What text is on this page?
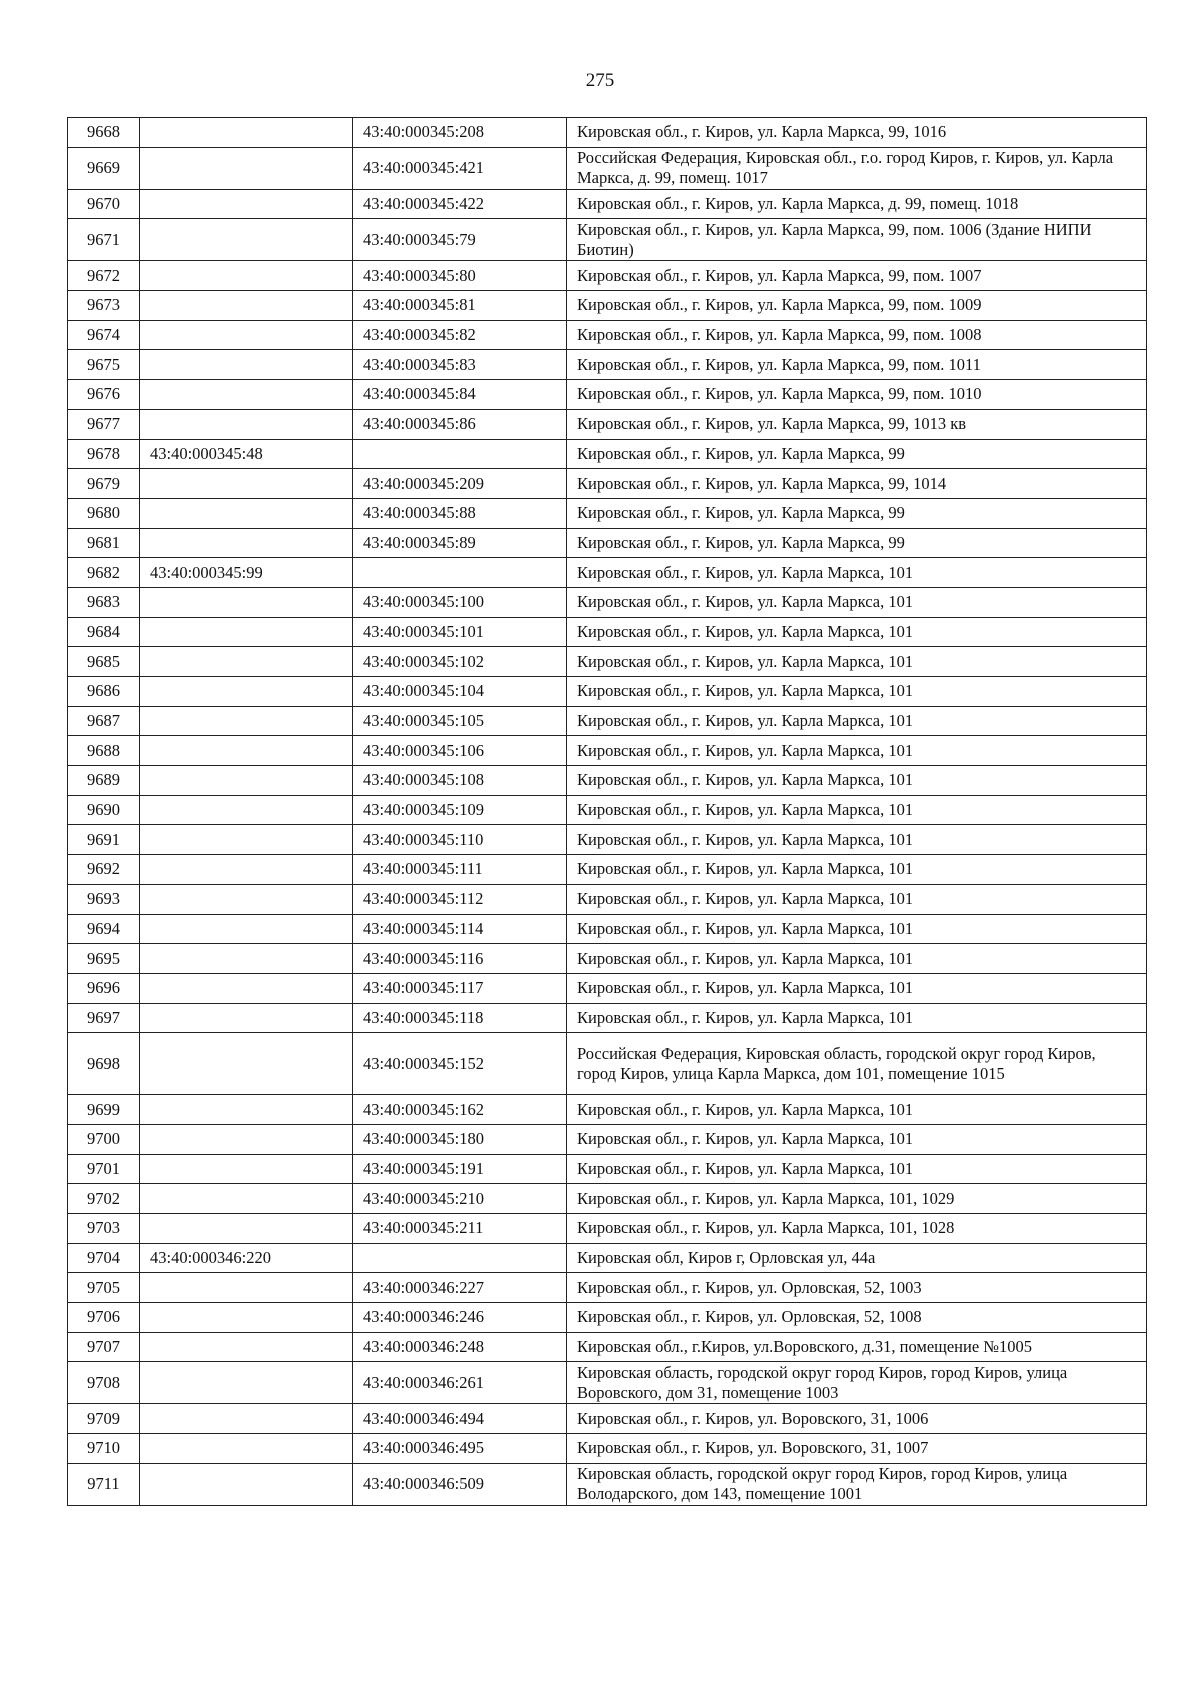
275
9668		43:40:000345:208	Кировская обл., г. Киров, ул. Карла Маркса, 99, 1016
9669		43:40:000345:421	Российская Федерация, Кировская обл., г.о. город Киров, г. Киров, ул. Карла Маркса, д. 99, помещ. 1017
9670		43:40:000345:422	Кировская обл., г. Киров, ул. Карла Маркса, д. 99, помещ. 1018
9671		43:40:000345:79	Кировская обл., г. Киров, ул. Карла Маркса, 99, пом. 1006 (Здание НИПИ Биотин)
9672		43:40:000345:80	Кировская обл., г. Киров, ул. Карла Маркса, 99, пом. 1007
9673		43:40:000345:81	Кировская обл., г. Киров, ул. Карла Маркса, 99, пом. 1009
9674		43:40:000345:82	Кировская обл., г. Киров, ул. Карла Маркса, 99, пом. 1008
9675		43:40:000345:83	Кировская обл., г. Киров, ул. Карла Маркса, 99, пом. 1011
9676		43:40:000345:84	Кировская обл., г. Киров, ул. Карла Маркса, 99, пом. 1010
9677		43:40:000345:86	Кировская обл., г. Киров, ул. Карла Маркса, 99, 1013 кв
9678	43:40:000345:48		Кировская обл., г. Киров, ул. Карла Маркса, 99
9679		43:40:000345:209	Кировская обл., г. Киров, ул. Карла Маркса, 99, 1014
9680		43:40:000345:88	Кировская обл., г. Киров, ул. Карла Маркса, 99
9681		43:40:000345:89	Кировская обл., г. Киров, ул. Карла Маркса, 99
9682	43:40:000345:99		Кировская обл., г. Киров, ул. Карла Маркса, 101
9683		43:40:000345:100	Кировская обл., г. Киров, ул. Карла Маркса, 101
9684		43:40:000345:101	Кировская обл., г. Киров, ул. Карла Маркса, 101
9685		43:40:000345:102	Кировская обл., г. Киров, ул. Карла Маркса, 101
9686		43:40:000345:104	Кировская обл., г. Киров, ул. Карла Маркса, 101
9687		43:40:000345:105	Кировская обл., г. Киров, ул. Карла Маркса, 101
9688		43:40:000345:106	Кировская обл., г. Киров, ул. Карла Маркса, 101
9689		43:40:000345:108	Кировская обл., г. Киров, ул. Карла Маркса, 101
9690		43:40:000345:109	Кировская обл., г. Киров, ул. Карла Маркса, 101
9691		43:40:000345:110	Кировская обл., г. Киров, ул. Карла Маркса, 101
9692		43:40:000345:111	Кировская обл., г. Киров, ул. Карла Маркса, 101
9693		43:40:000345:112	Кировская обл., г. Киров, ул. Карла Маркса, 101
9694		43:40:000345:114	Кировская обл., г. Киров, ул. Карла Маркса, 101
9695		43:40:000345:116	Кировская обл., г. Киров, ул. Карла Маркса, 101
9696		43:40:000345:117	Кировская обл., г. Киров, ул. Карла Маркса, 101
9697		43:40:000345:118	Кировская обл., г. Киров, ул. Карла Маркса, 101
9698		43:40:000345:152	Российская Федерация, Кировская область, городской округ город Киров, город Киров, улица Карла Маркса, дом 101, помещение 1015
9699		43:40:000345:162	Кировская обл., г. Киров, ул. Карла Маркса, 101
9700		43:40:000345:180	Кировская обл., г. Киров, ул. Карла Маркса, 101
9701		43:40:000345:191	Кировская обл., г. Киров, ул. Карла Маркса, 101
9702		43:40:000345:210	Кировская обл., г. Киров, ул. Карла Маркса, 101, 1029
9703		43:40:000345:211	Кировская обл., г. Киров, ул. Карла Маркса, 101, 1028
9704	43:40:000346:220		Кировская обл, Киров г, Орловская ул, 44а
9705		43:40:000346:227	Кировская обл., г. Киров, ул. Орловская, 52, 1003
9706		43:40:000346:246	Кировская обл., г. Киров, ул. Орловская, 52, 1008
9707		43:40:000346:248	Кировская обл., г.Киров, ул.Воровского, д.31, помещение №1005
9708		43:40:000346:261	Кировская область, городской округ город Киров, город Киров, улица Воровского, дом 31, помещение 1003
9709		43:40:000346:494	Кировская обл., г. Киров, ул. Воровского, 31, 1006
9710		43:40:000346:495	Кировская обл., г. Киров, ул. Воровского, 31, 1007
9711		43:40:000346:509	Кировская область, городской округ город Киров, город Киров, улица Володарского, дом 143, помещение 1001
